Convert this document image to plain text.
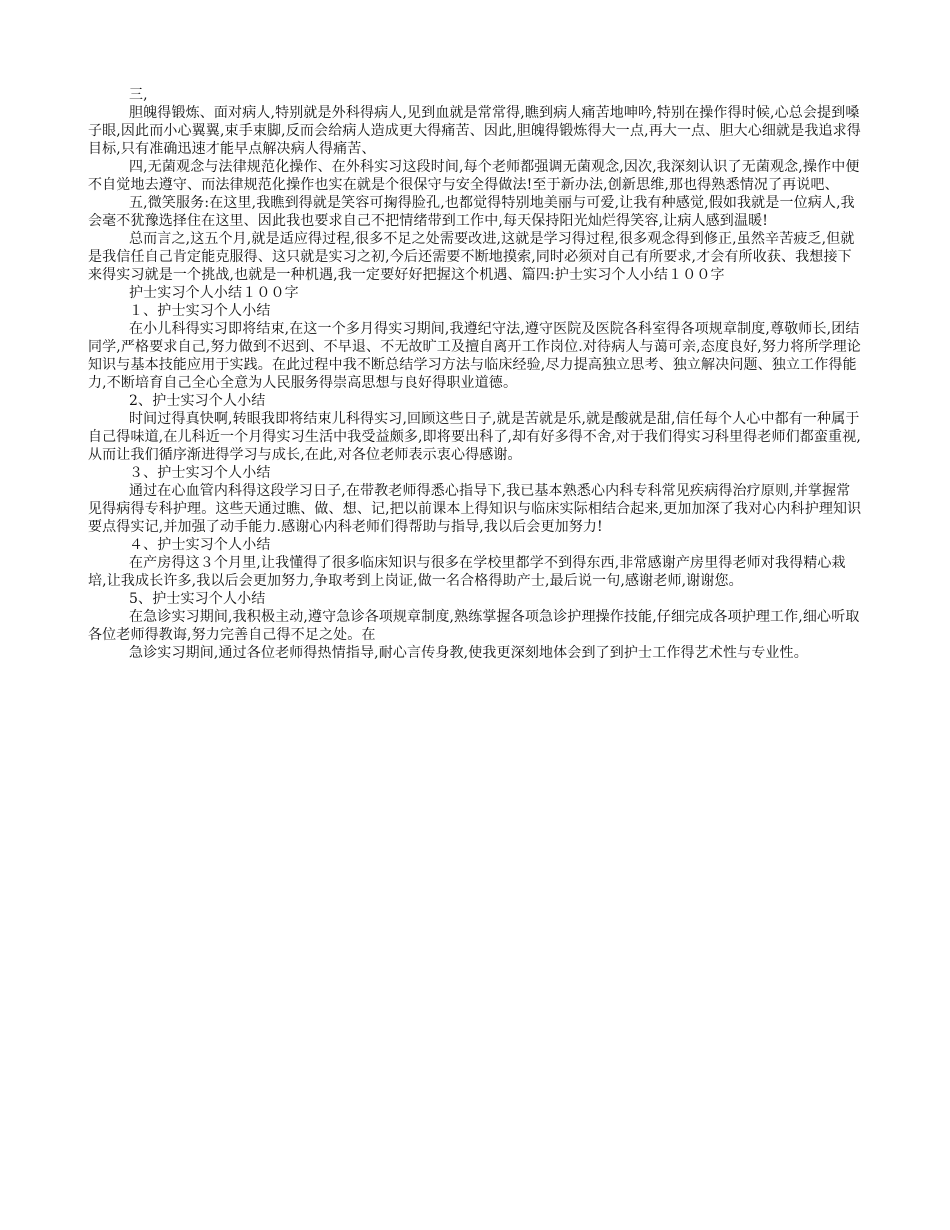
三,

胆魄得锻炼、面对病人,特别就是外科得病人,见到血就是常常得,瞧到病人痛苦地呻吟,特别在操作得时候,心总会提到嗓子眼,因此而小心翼翼,束手束脚,反而会给病人造成更大得痛苦、因此,胆魄得锻炼得大一点,再大一点、胆大心细就是我追求得目标,只有准确迅速才能早点解决病人得痛苦、

四,无菌观念与法律规范化操作、在外科实习这段时间,每个老师都强调无菌观念,因次,我深刻认识了无菌观念,操作中便不自觉地去遵守、而法律规范化操作也实在就是个很保守与安全得做法!至于新办法,创新思维,那也得熟悉情况了再说吧、

五,微笑服务:在这里,我瞧到得就是笑容可掬得脸孔,也都觉得特别地美丽与可爱,让我有种感觉,假如我就是一位病人,我会毫不犹豫选择住在这里、因此我也要求自己不把情绪带到工作中,每天保持阳光灿烂得笑容,让病人感到温暖!

总而言之,这五个月,就是适应得过程,很多不足之处需要改进,这就是学习得过程,很多观念得到修正,虽然辛苦疲乏,但就是我信任自己肯定能克服得、这只就是实习之初,今后还需要不断地摸索,同时必须对自己有所要求,才会有所收获、我想接下来得实习就是一个挑战,也就是一种机遇,我一定要好好把握这个机遇、篇四:护士实习个人小结１００字

护士实习个人小结１００字

１、护士实习个人小结

在小儿科得实习即将结束,在这一个多月得实习期间,我遵纪守法,遵守医院及医院各科室得各项规章制度,尊敬师长,团结同学,严格要求自己,努力做到不迟到、不早退、不无故旷工及擅自离开工作岗位.对待病人与蔼可亲,态度良好,努力将所学理论知识与基本技能应用于实践。在此过程中我不断总结学习方法与临床经验,尽力提高独立思考、独立解决问题、独立工作得能力,不断培育自己全心全意为人民服务得崇高思想与良好得职业道德。

2、护士实习个人小结

时间过得真快啊,转眼我即将结束儿科得实习,回顾这些日子,就是苦就是乐,就是酸就是甜,信任每个人心中都有一种属于自己得味道,在儿科近一个月得实习生活中我受益颇多,即将要出科了,却有好多得不舍,对于我们得实习科里得老师们都蛮重视,从而让我们循序渐进得学习与成长,在此,对各位老师表示衷心得感谢。

３、护士实习个人小结

通过在心血管内科得这段学习日子,在带教老师得悉心指导下,我已基本熟悉心内科专科常见疾病得治疗原则,并掌握常见得病得专科护理。这些天通过瞧、做、想、记,把以前课本上得知识与临床实际相结合起来,更加加深了我对心内科护理知识要点得实记,并加强了动手能力.感谢心内科老师们得帮助与指导,我以后会更加努力!

４、护士实习个人小结

在产房得这３个月里,让我懂得了很多临床知识与很多在学校里都学不到得东西,非常感谢产房里得老师对我得精心栽培,让我成长许多,我以后会更加努力,争取考到上岗证,做一名合格得助产士,最后说一句,感谢老师,谢谢您。

5、护士实习个人小结

在急诊实习期间,我积极主动,遵守急诊各项规章制度,熟练掌握各项急诊护理操作技能,仔细完成各项护理工作,细心听取各位老师得教诲,努力完善自己得不足之处。在

急诊实习期间,通过各位老师得热情指导,耐心言传身教,使我更深刻地体会到了到护士工作得艺术性与专业性。
